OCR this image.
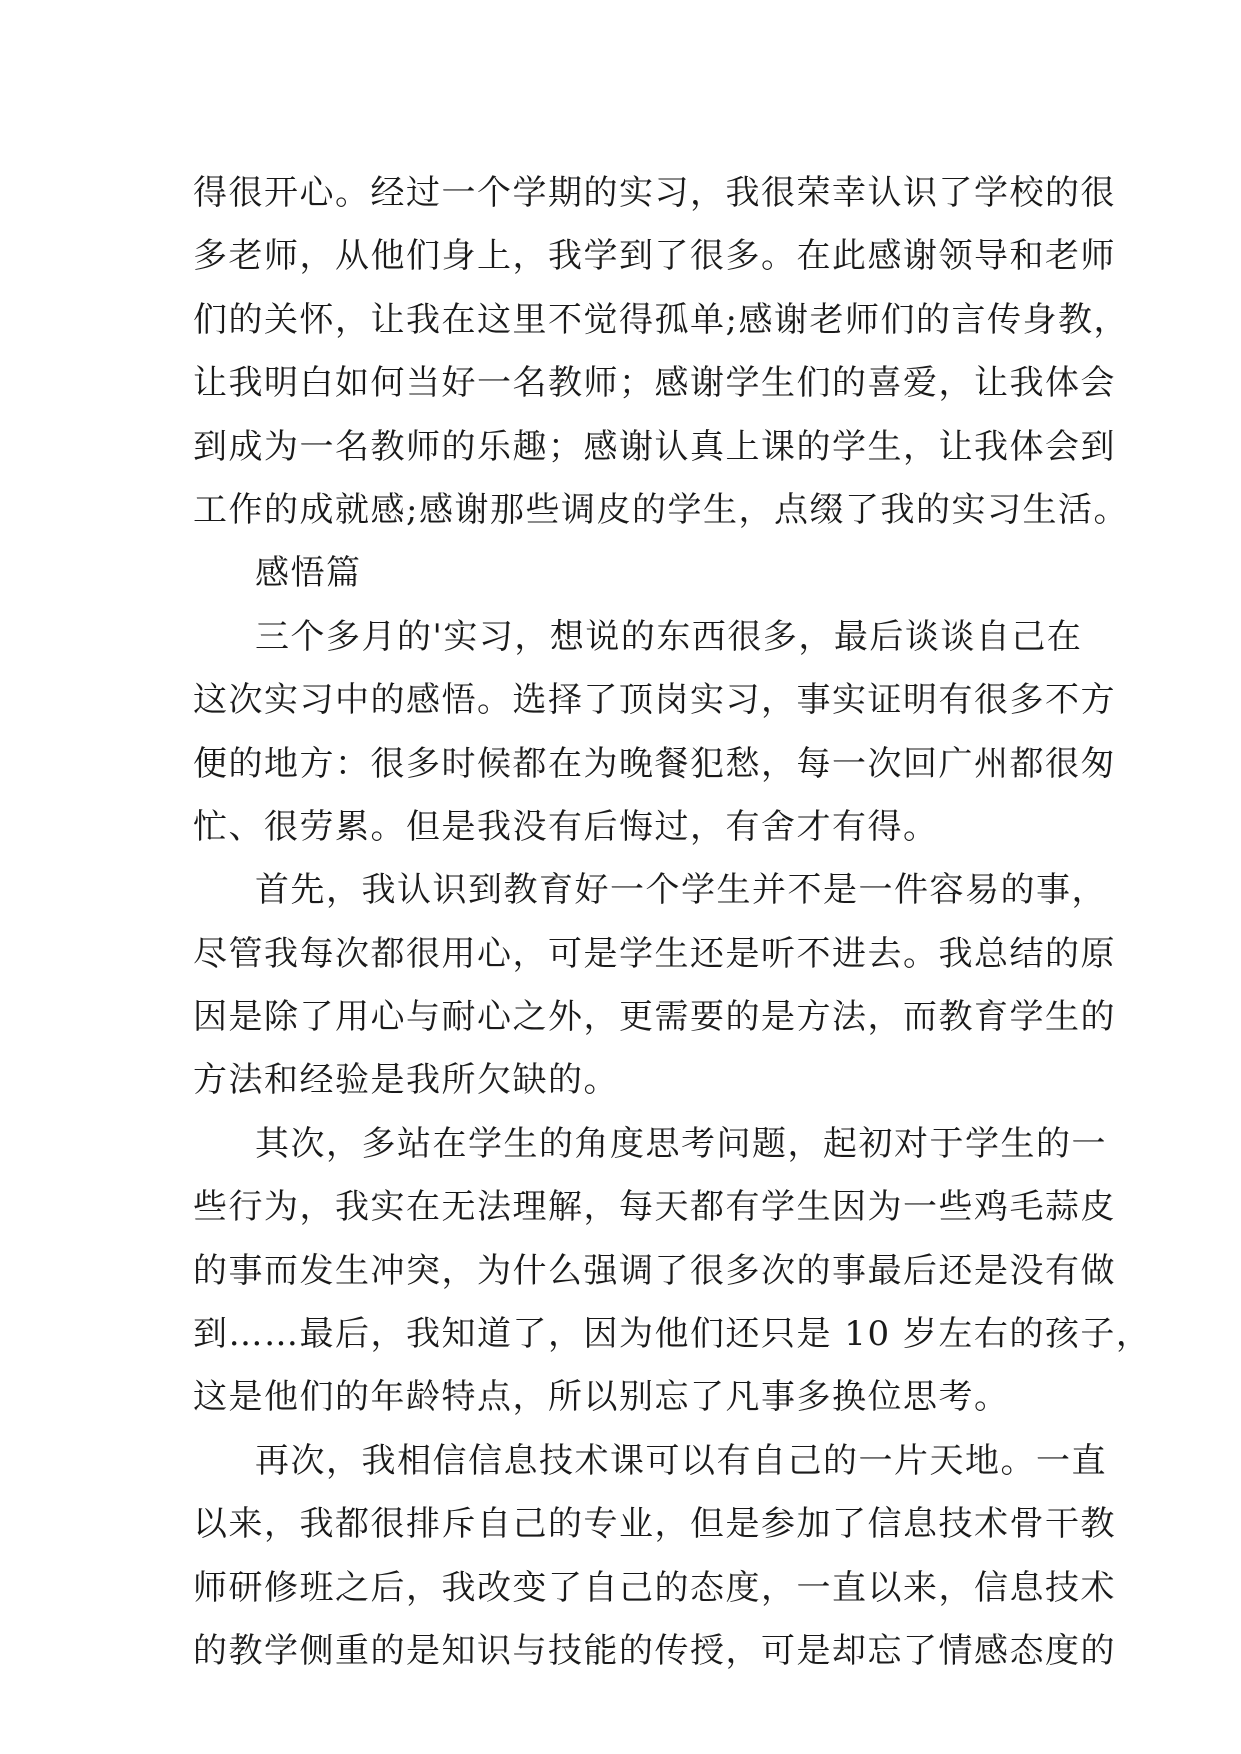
得很开心。经过一个学期的实习，我很荣幸认识了学校的很
多老师，从他们身上，我学到了很多。在此感谢领导和老师
们的关怀，让我在这里不觉得孤单;感谢老师们的言传身教，
让我明白如何当好一名教师；感谢学生们的喜爱，让我体会
到成为一名教师的乐趣；感谢认真上课的学生，让我体会到
工作的成就感;感谢那些调皮的学生，点缀了我的实习生活。
感悟篇
三个多月的'实习，想说的东西很多，最后谈谈自己在
这次实习中的感悟。选择了顶岗实习，事实证明有很多不方
便的地方：很多时候都在为晚餐犯愁，每一次回广州都很匆
忙、很劳累。但是我没有后悔过，有舍才有得。
首先，我认识到教育好一个学生并不是一件容易的事，
尽管我每次都很用心，可是学生还是听不进去。我总结的原
因是除了用心与耐心之外，更需要的是方法，而教育学生的
方法和经验是我所欠缺的。
其次，多站在学生的角度思考问题，起初对于学生的一
些行为，我实在无法理解，每天都有学生因为一些鸡毛蒜皮
的事而发生冲突，为什么强调了很多次的事最后还是没有做
到……最后，我知道了，因为他们还只是 10 岁左右的孩子，
这是他们的年龄特点，所以别忘了凡事多换位思考。
再次，我相信信息技术课可以有自己的一片天地。一直
以来，我都很排斥自己的专业，但是参加了信息技术骨干教
师研修班之后，我改变了自己的态度，一直以来，信息技术
的教学侧重的是知识与技能的传授，可是却忘了情感态度的
